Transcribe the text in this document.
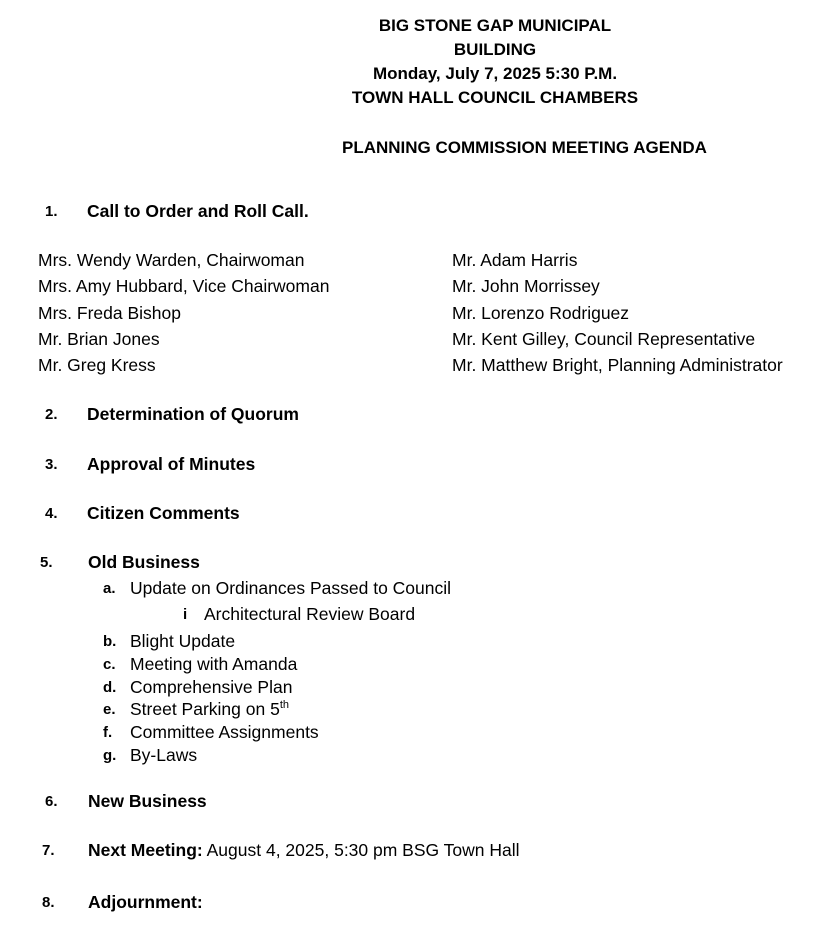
BIG STONE GAP MUNICIPAL
BUILDING
Monday, July 7, 2025 5:30 P.M.
TOWN HALL COUNCIL CHAMBERS
PLANNING COMMISSION MEETING AGENDA
1. Call to Order and Roll Call.
Mrs. Wendy Warden, Chairwoman
Mrs. Amy Hubbard, Vice Chairwoman
Mrs. Freda Bishop
Mr. Brian Jones
Mr. Greg Kress
Mr. Adam Harris
Mr. John Morrissey
Mr. Lorenzo Rodriguez
Mr. Kent Gilley, Council Representative
Mr. Matthew Bright, Planning Administrator
2. Determination of Quorum
3. Approval of Minutes
4. Citizen Comments
5. Old Business
a. Update on Ordinances Passed to Council
i Architectural Review Board
b. Blight Update
c. Meeting with Amanda
d. Comprehensive Plan
e. Street Parking on 5th
f. Committee Assignments
g. By-Laws
6. New Business
7. Next Meeting: August 4, 2025, 5:30 pm BSG Town Hall
8. Adjournment:
